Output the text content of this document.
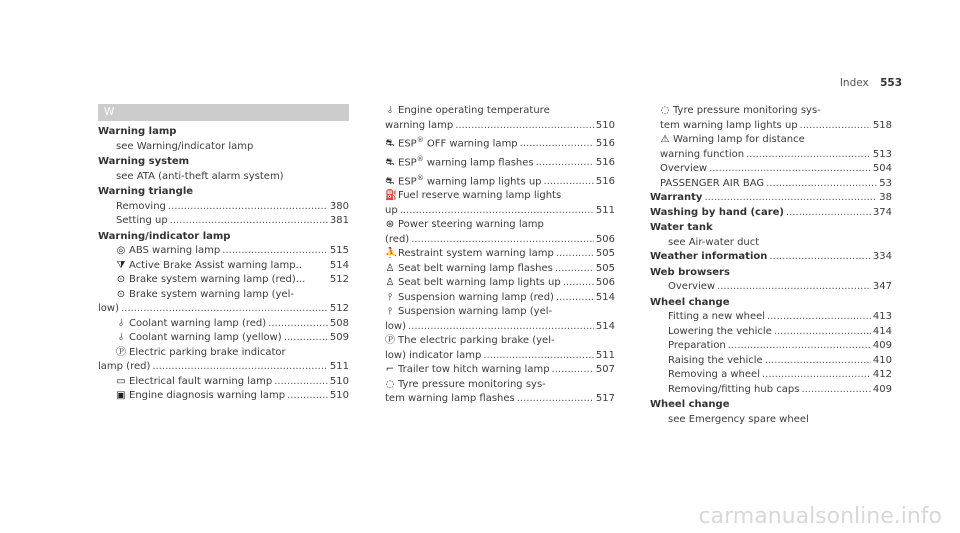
Index 553
W
Warning lamp
see Warning/indicator lamp
Warning system
see ATA (anti-theft alarm system)
Warning triangle
Removing .....	380
Setting up .....	381
Warning/indicator lamp
◎ ABS warning lamp .....	515
⧩ Active Brake Assist warning lamp..	514
⊙ Brake system warning lamp (red)... 512
⊙ Brake system warning lamp (yel-
low) .....	512
⫰ Coolant warning lamp (red) .....	508
⫰ Coolant warning lamp (yellow) .....	509
Ⓟ Electric parking brake indicator
lamp (red) .....	511
▭ Electrical fault warning lamp .....	510
▣ Engine diagnosis warning lamp .....	510
⫰ Engine operating temperature
warning lamp .....	510
⛐ ESP® OFF warning lamp .....	516
⛐ ESP® warning lamp flashes .....	516
⛐ ESP® warning lamp lights up .....	516
⛽Fuel reserve warning lamp lights
up .....	511
⊛ Power steering warning lamp
(red) .....	506
⛹ Restraint system warning lamp .....	505
♙ Seat belt warning lamp flashes .....	505
♙ Seat belt warning lamp lights up .....	506
⫯ Suspension warning lamp (red) .....	514
⫯ Suspension warning lamp (yel-
low) .....	514
Ⓟ The electric parking brake (yel-
low) indicator lamp .....	511
⌐ Trailer tow hitch warning lamp .....	507
◌ Tyre pressure monitoring sys-
tem warning lamp flashes .....	517
◌ Tyre pressure monitoring sys-
tem warning lamp lights up .....	518
⚠ Warning lamp for distance
warning function .....	513
Overview .....	504
PASSENGER AIR BAG .....	53
Warranty .....	38
Washing by hand (care) .....	374
Water tank
see Air-water duct
Weather information .....	334
Web browsers
Overview .....	347
Wheel change
Fitting a new wheel .....	413
Lowering the vehicle .....	414
Preparation .....	409
Raising the vehicle .....	410
Removing a wheel .....	412
Removing/fitting hub caps .....	409
Wheel change
see Emergency spare wheel
carmanualsonline.info
